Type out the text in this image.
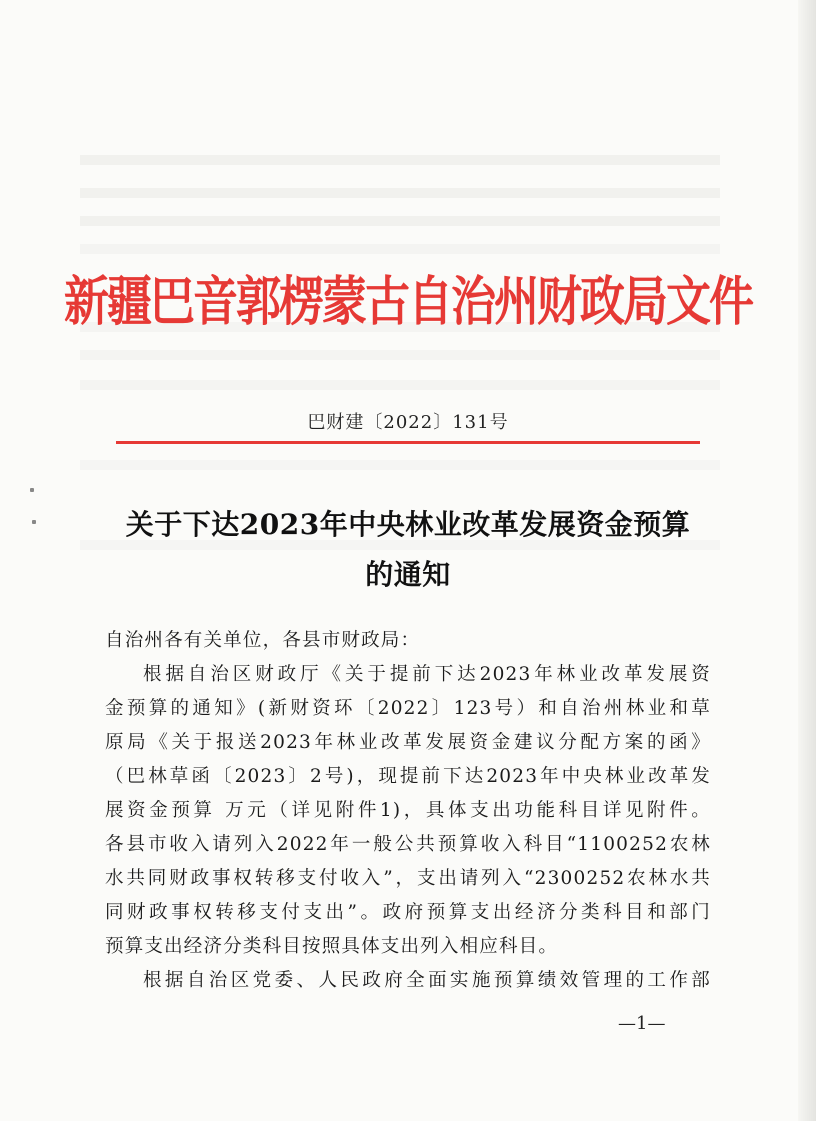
新疆巴音郭楞蒙古自治州财政局文件
巴财建〔2022〕131号
关于下达2023年中央林业改革发展资金预算
的通知
自治州各有关单位，各县市财政局：
根据自治区财政厅《关于提前下达2023年林业改革发展资
金预算的通知》(新财资环〔2022〕123号）和自治州林业和草
原局《关于报送2023年林业改革发展资金建议分配方案的函》
（巴林草函〔2023〕2号)，现提前下达2023年中央林业改革发
展资金预算 万元（详见附件1)，具体支出功能科目详见附件。
各县市收入请列入2022年一般公共预算收入科目“1100252农林
水共同财政事权转移支付收入”，支出请列入“2300252农林水共
同财政事权转移支付支出”。政府预算支出经济分类科目和部门
预算支出经济分类科目按照具体支出列入相应科目。
根据自治区党委、人民政府全面实施预算绩效管理的工作部
—1—
